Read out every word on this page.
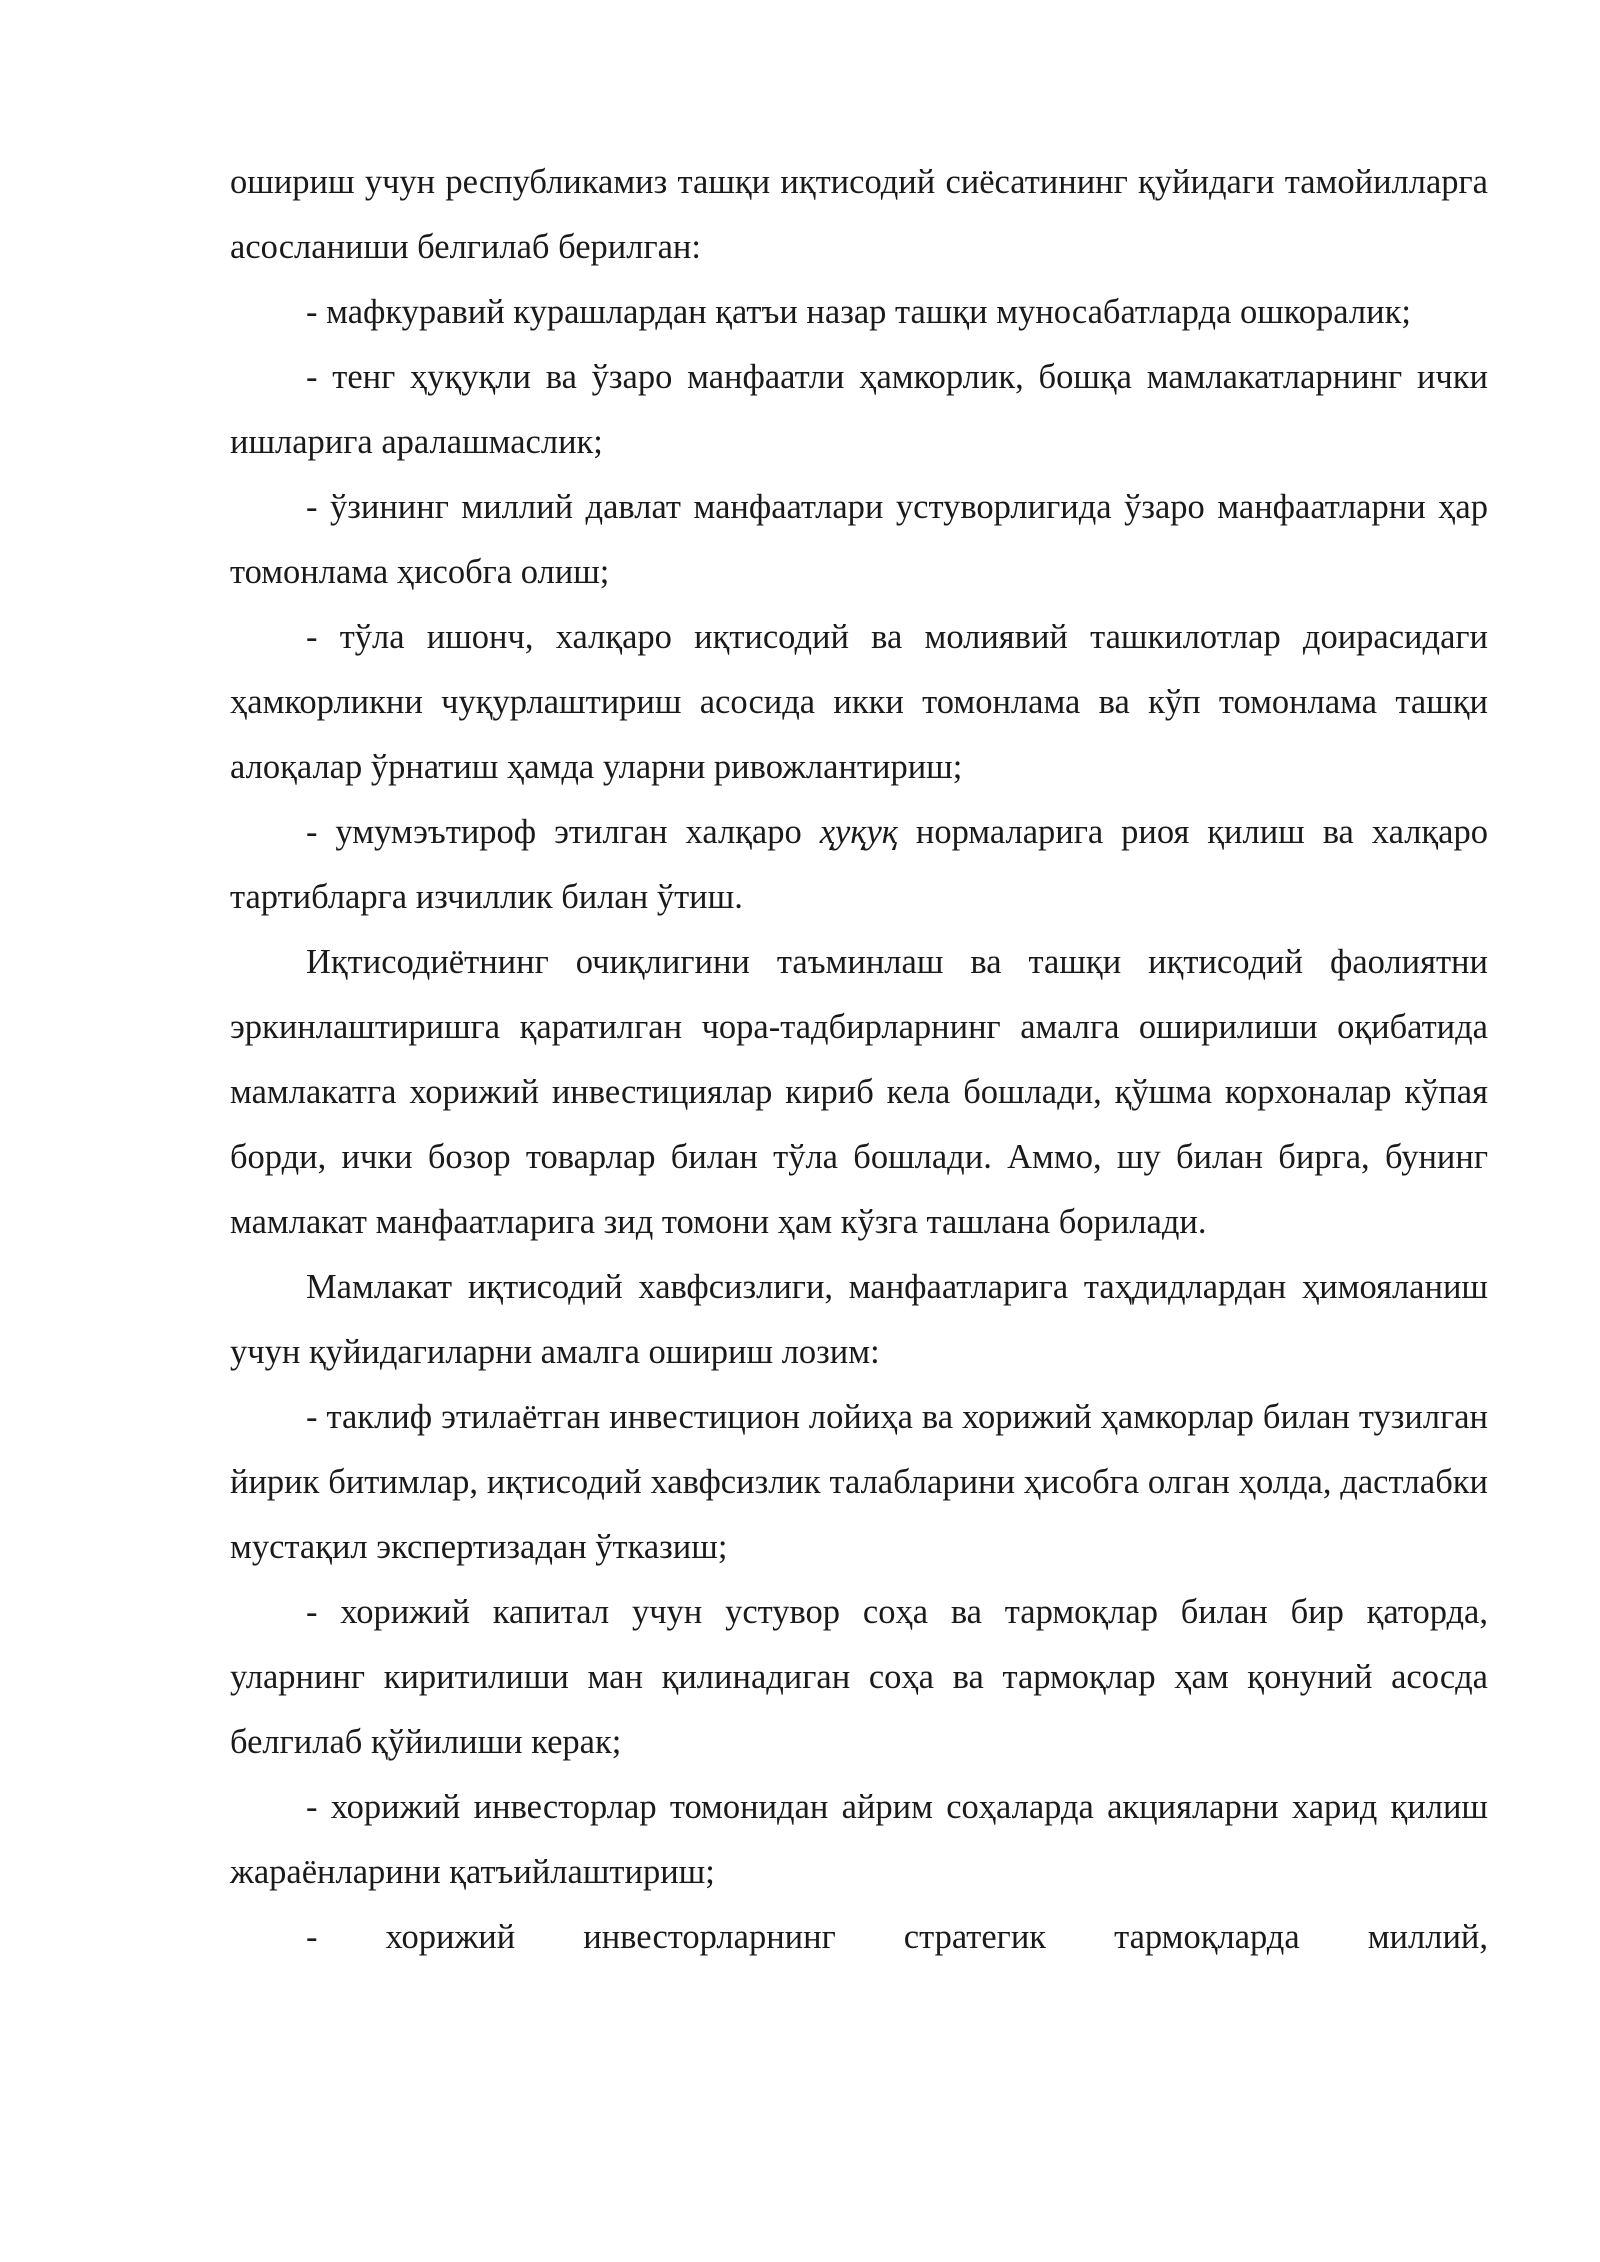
ошириш учун республикамиз ташқи иқтисодий сиёсатининг қуйидаги тамойилларга асосланиши белгилаб берилган:

- мафкуравий курашлардан қатъи назар ташқи муносабатларда ошкоралик;

- тенг ҳуқуқли ва ўзаро манфаатли ҳамкорлик, бошқа мамлакатларнинг ички ишларига аралашмаслик;

- ўзининг миллий давлат манфаатлари устуворлигида ўзаро манфаатларни ҳар томонлама ҳисобга олиш;

- тўла ишонч, халқаро иқтисодий ва молиявий ташкилотлар доирасидаги ҳамкорликни чуқурлаштириш асосида икки томонлама ва кўп томонлама ташқи алоқалар ўрнатиш ҳамда уларни ривожлантириш;

- умумэътироф этилган халқаро ҳуқуқ нормаларига риоя қилиш ва халқаро тартибларга изчиллик билан ўтиш.

Иқтисодиётнинг очиқлигини таъминлаш ва ташқи иқтисодий фаолиятни эркинлаштиришга қаратилган чора-тадбирларнинг амалга оширилиши оқибатида мамлакатга хорижий инвестициялар кириб кела бошлади, қўшма корхоналар кўпая борди, ички бозор товарлар билан тўла бошлади. Аммо, шу билан бирга, бунинг мамлакат манфаатларига зид томони ҳам кўзга ташлана борилади.

Мамлакат иқтисодий хавфсизлиги, манфаатларига таҳдидлардан ҳимояланиш учун қуйидагиларни амалга ошириш лозим:

- таклиф этилаётган инвестицион лойиҳа ва хорижий ҳамкорлар билан тузилган йирик битимлар, иқтисодий хавфсизлик талабларини ҳисобга олган ҳолда, дастлабки мустақил экспертизадан ўтказиш;

- хорижий капитал учун устувор соҳа ва тармоқлар билан бир қаторда, уларнинг киритилиши ман қилинадиган соҳа ва тармоқлар ҳам қонуний асосда белгилаб қўйилиши керак;

- хорижий инвесторлар томонидан айрим соҳаларда акцияларни харид қилиш жараёнларини қатъийлаштириш;

- хорижий инвесторларнинг стратегик тармоқларда миллий,
